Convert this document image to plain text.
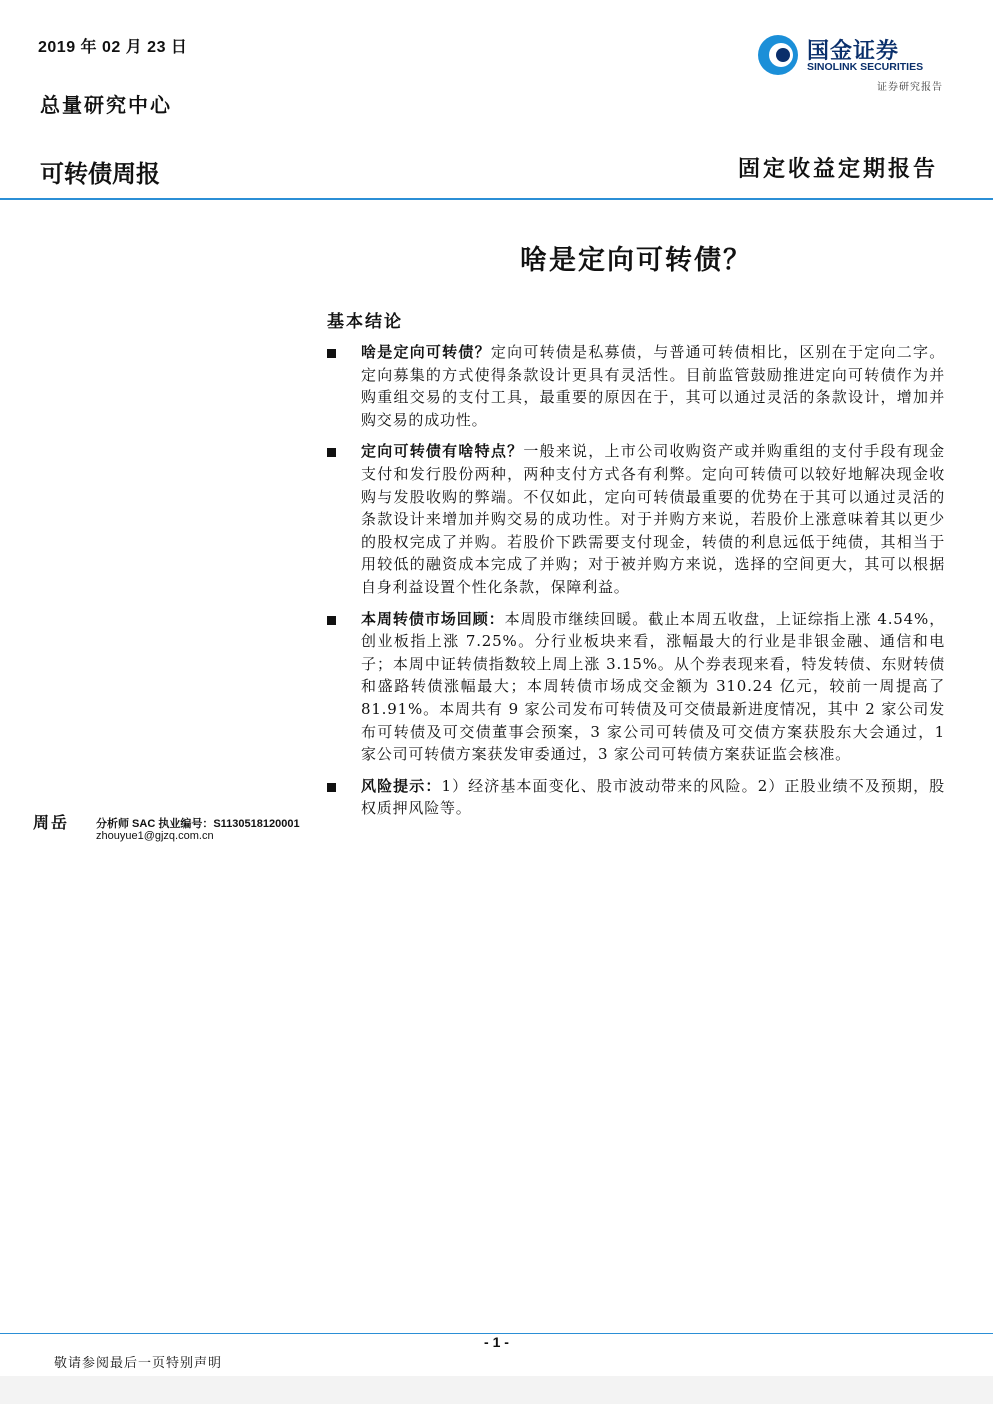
2019 年 02 月 23 日
总量研究中心
可转债周报
国金证券
SINOLINK SECURITIES
证券研究报告
固定收益定期报告
啥是定向可转债？
基本结论
啥是定向可转债？定向可转债是私募债，与普通可转债相比，区别在于定向二字。定向募集的方式使得条款设计更具有灵活性。目前监管鼓励推进定向可转债作为并购重组交易的支付工具，最重要的原因在于，其可以通过灵活的条款设计，增加并购交易的成功性。
定向可转债有啥特点？一般来说，上市公司收购资产或并购重组的支付手段有现金支付和发行股份两种，两种支付方式各有利弊。定向可转债可以较好地解决现金收购与发股收购的弊端。不仅如此，定向可转债最重要的优势在于其可以通过灵活的条款设计来增加并购交易的成功性。对于并购方来说，若股价上涨意味着其以更少的股权完成了并购。若股价下跌需要支付现金，转债的利息远低于纯债，其相当于用较低的融资成本完成了并购；对于被并购方来说，选择的空间更大，其可以根据自身利益设置个性化条款，保障利益。
本周转债市场回顾：本周股市继续回暖。截止本周五收盘，上证综指上涨 4.54%，创业板指上涨 7.25%。分行业板块来看，涨幅最大的行业是非银金融、通信和电子；本周中证转债指数较上周上涨 3.15%。从个券表现来看，特发转债、东财转债和盛路转债涨幅最大；本周转债市场成交金额为 310.24 亿元，较前一周提高了 81.91%。本周共有 9 家公司发布可转债及可交债最新进度情况，其中 2 家公司发布可转债及可交债董事会预案，3 家公司可转债及可交债方案获股东大会通过，1 家公司可转债方案获发审委通过，3 家公司可转债方案获证监会核准。
风险提示：1）经济基本面变化、股市波动带来的风险。2）正股业绩不及预期，股权质押风险等。
周岳 分析师 SAC 执业编号：S1130518120001
zhouyue1@gjzq.com.cn
- 1 -
敬请参阅最后一页特别声明
